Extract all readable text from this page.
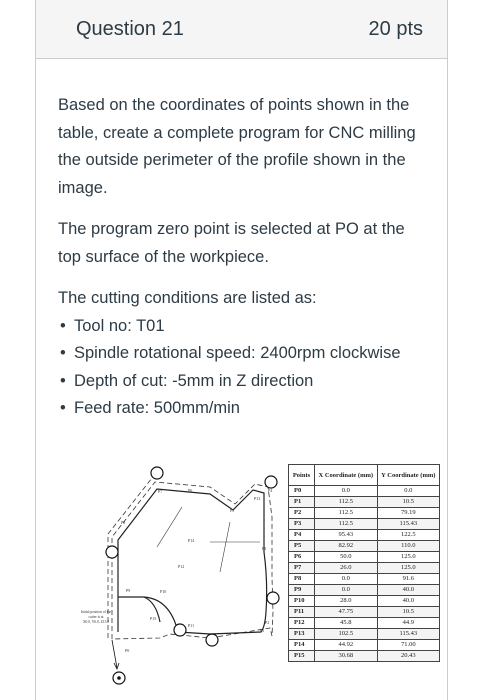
Question 21	20 pts

Based on the coordinates of points shown in the table, create a complete program for CNC milling the outside perimeter of the profile shown in the image.

The program zero point is selected at PO at the top surface of the workpiece.

The cutting conditions are listed as:

• Tool no: T01
• Spindle rotational speed: 2400rpm clockwise
• Depth of cut: -5mm in Z direction
• Feed rate: 500mm/min
P7	P6
P5
P13
P4
P8
P14
P12
P3
P9	P10
P15
P11
P2
P0
P1
Initial position of the
cutter is at
X0.0, Y0.0, Z15.0
Points	X Coordinate (mm)	Y Coordinate (mm)
P0	0.0	0.0
P1	112.5	10.5
P2	112.5	79.19
P3	112.5	115.43
P4	95.43	122.5
P5	82.92	110.0
P6	50.0	125.0
P7	26.0	125.0
P8	0.0	91.6
P9	0.0	40.0
P10	28.0	40.0
P11	47.75	10.5
P12	45.8	44.9
P13	102.5	115.43
P14	44.92	71.00
P15	30.68	20.43
